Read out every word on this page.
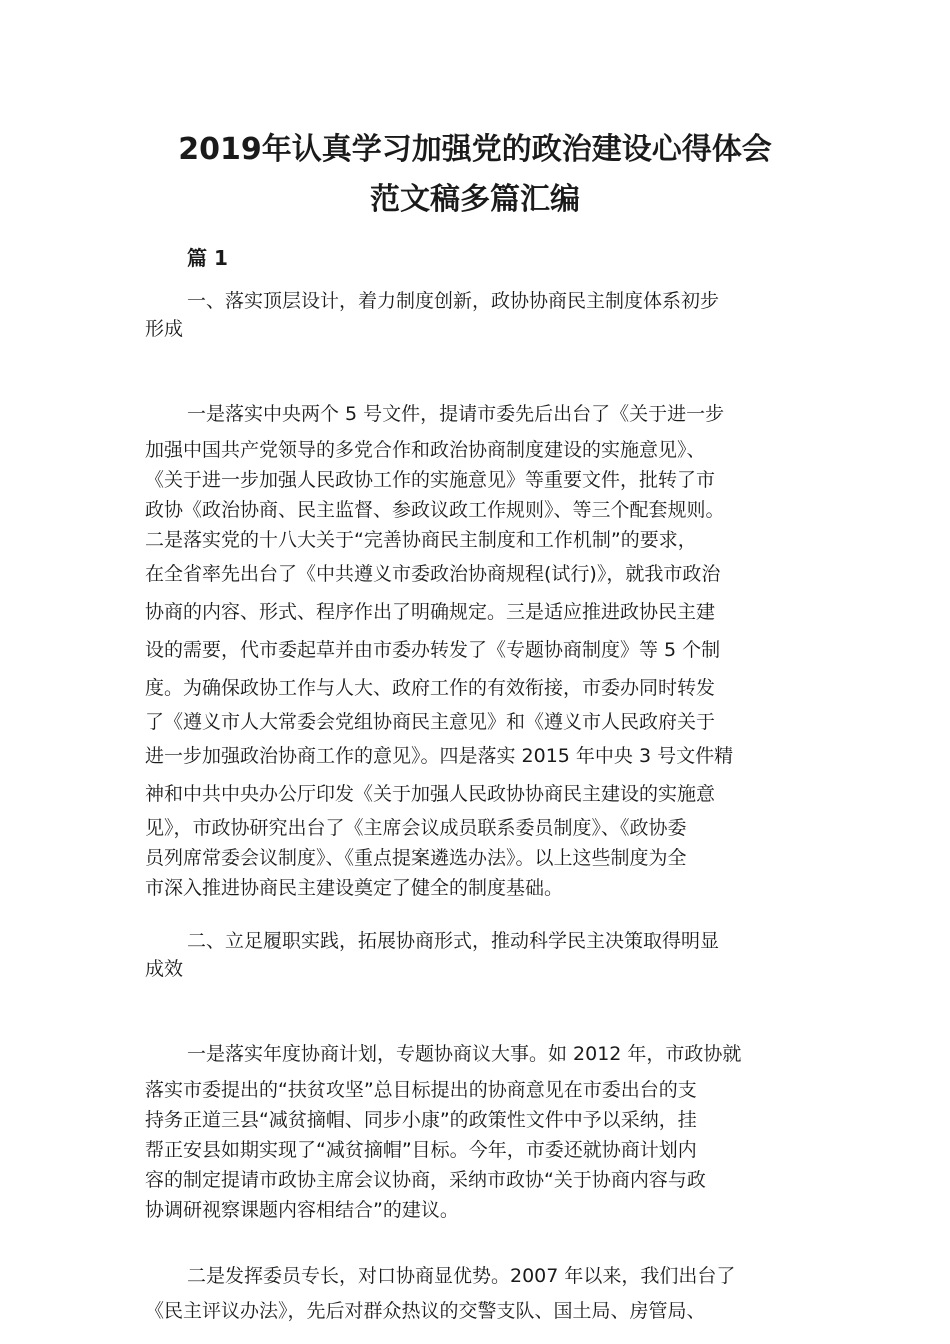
2019年认真学习加强党的政治建设心得体会
范文稿多篇汇编
篇 1

一、落实顶层设计，着力制度创新，政协协商民主制度体系初步
形成

一是落实中央两个 5 号文件，提请市委先后出台了《关于进一步
加强中国共产党领导的多党合作和政治协商制度建设的实施意见》、
《关于进一步加强人民政协工作的实施意见》等重要文件，批转了市
政协《政治协商、民主监督、参政议政工作规则》、等三个配套规则。
二是落实党的十八大关于“完善协商民主制度和工作机制”的要求，
在全省率先出台了《中共遵义市委政治协商规程(试行)》，就我市政治
协商的内容、形式、程序作出了明确规定。三是适应推进政协民主建
设的需要，代市委起草并由市委办转发了《专题协商制度》等 5 个制
度。为确保政协工作与人大、政府工作的有效衔接，市委办同时转发
了《遵义市人大常委会党组协商民主意见》和《遵义市人民政府关于
进一步加强政治协商工作的意见》。四是落实 2015 年中央 3 号文件精
神和中共中央办公厅印发《关于加强人民政协协商民主建设的实施意
见》，市政协研究出台了《主席会议成员联系委员制度》、《政协委
员列席常委会议制度》、《重点提案遴选办法》。以上这些制度为全
市深入推进协商民主建设奠定了健全的制度基础。

二、立足履职实践，拓展协商形式，推动科学民主决策取得明显
成效

一是落实年度协商计划，专题协商议大事。如 2012 年，市政协就
落实市委提出的“扶贫攻坚”总目标提出的协商意见在市委出台的支
持务正道三县“减贫摘帽、同步小康”的政策性文件中予以采纳，挂
帮正安县如期实现了“减贫摘帽”目标。今年，市委还就协商计划内
容的制定提请市政协主席会议协商，采纳市政协“关于协商内容与政
协调研视察课题内容相结合”的建议。

二是发挥委员专长，对口协商显优势。2007 年以来，我们出台了
《民主评议办法》，先后对群众热议的交警支队、国土局、房管局、
